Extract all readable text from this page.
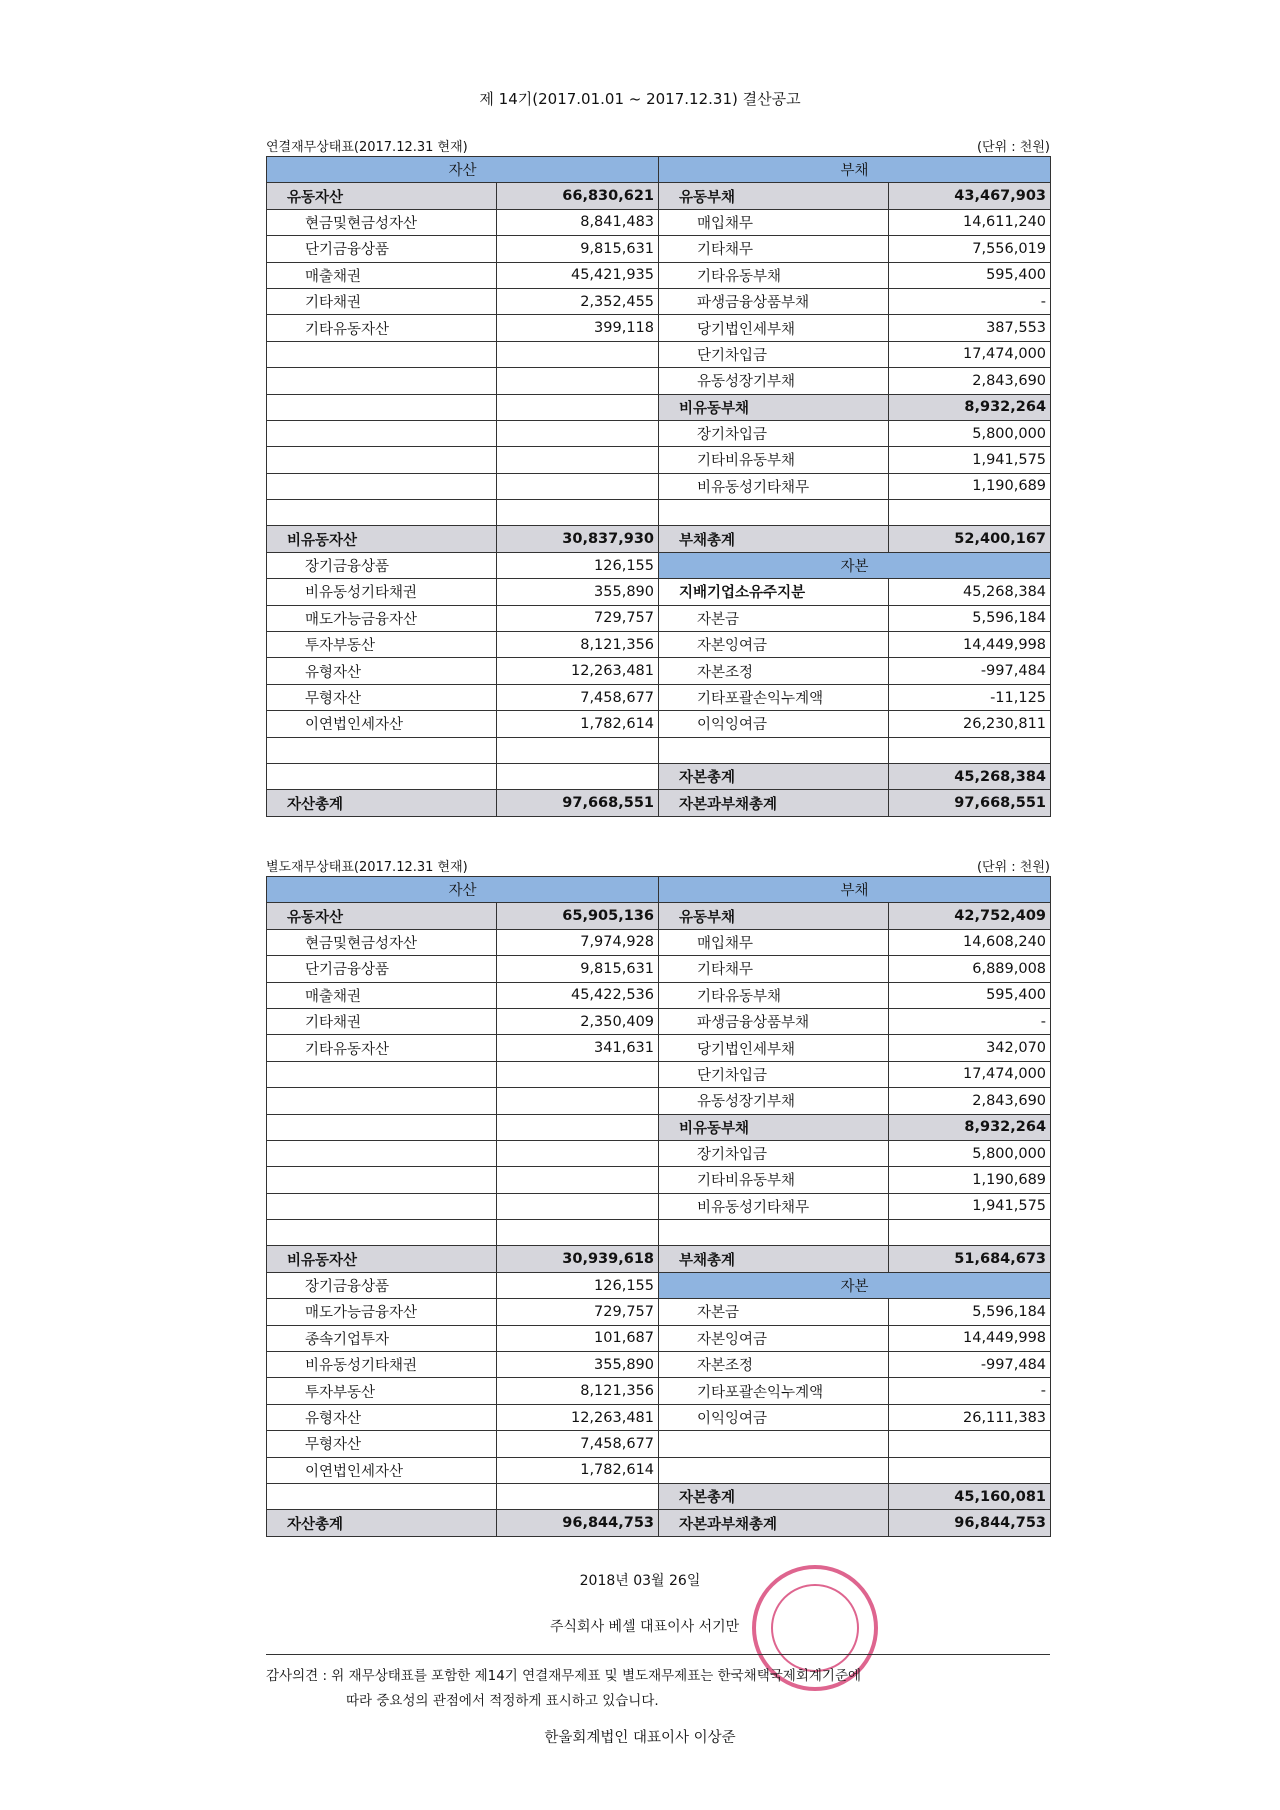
제 14기(2017.01.01 ~ 2017.12.31) 결산공고
연결재무상태표(2017.12.31 현재)	(단위 : 천원)
자산		부채	
유동자산	66,830,621	유동부채	43,467,903
현금및현금성자산	8,841,483	매입채무	14,611,240
단기금융상품	9,815,631	기타채무	7,556,019
매출채권	45,421,935	기타유동부채	595,400
기타채권	2,352,455	파생금융상품부채	-
기타유동자산	399,118	당기법인세부채	387,553
		단기차입금	17,474,000
		유동성장기부채	2,843,690
		비유동부채	8,932,264
		장기차입금	5,800,000
		기타비유동부채	1,941,575
		비유동성기타채무	1,190,689

비유동자산	30,837,930	부채총계	52,400,167
장기금융상품	126,155	자본	
비유동성기타채권	355,890	지배기업소유주지분	45,268,384
매도가능금융자산	729,757	자본금	5,596,184
투자부동산	8,121,356	자본잉여금	14,449,998
유형자산	12,263,481	자본조정	-997,484
무형자산	7,458,677	기타포괄손익누계액	-11,125
이연법인세자산	1,782,614	이익잉여금	26,230,811

		자본총계	45,268,384
자산총계	97,668,551	자본과부채총계	97,668,551
별도재무상태표(2017.12.31 현재)	(단위 : 천원)
자산		부채	
유동자산	65,905,136	유동부채	42,752,409
현금및현금성자산	7,974,928	매입채무	14,608,240
단기금융상품	9,815,631	기타채무	6,889,008
매출채권	45,422,536	기타유동부채	595,400
기타채권	2,350,409	파생금융상품부채	-
기타유동자산	341,631	당기법인세부채	342,070
		단기차입금	17,474,000
		유동성장기부채	2,843,690
		비유동부채	8,932,264
		장기차입금	5,800,000
		기타비유동부채	1,190,689
		비유동성기타채무	1,941,575

비유동자산	30,939,618	부채총계	51,684,673
장기금융상품	126,155	자본	
매도가능금융자산	729,757	자본금	5,596,184
종속기업투자	101,687	자본잉여금	14,449,998
비유동성기타채권	355,890	자본조정	-997,484
투자부동산	8,121,356	기타포괄손익누계액	-
유형자산	12,263,481	이익잉여금	26,111,383
무형자산	7,458,677		
이연법인세자산	1,782,614		
		자본총계	45,160,081
자산총계	96,844,753	자본과부채총계	96,844,753
2018년 03월 26일
주식회사 베셀 대표이사 서기만
감사의견 : 위 재무상태표를 포함한 제14기 연결재무제표 및 별도재무제표는 한국채택국제회계기준에
따라 중요성의 관점에서 적정하게 표시하고 있습니다.
한울회계법인 대표이사 이상준
